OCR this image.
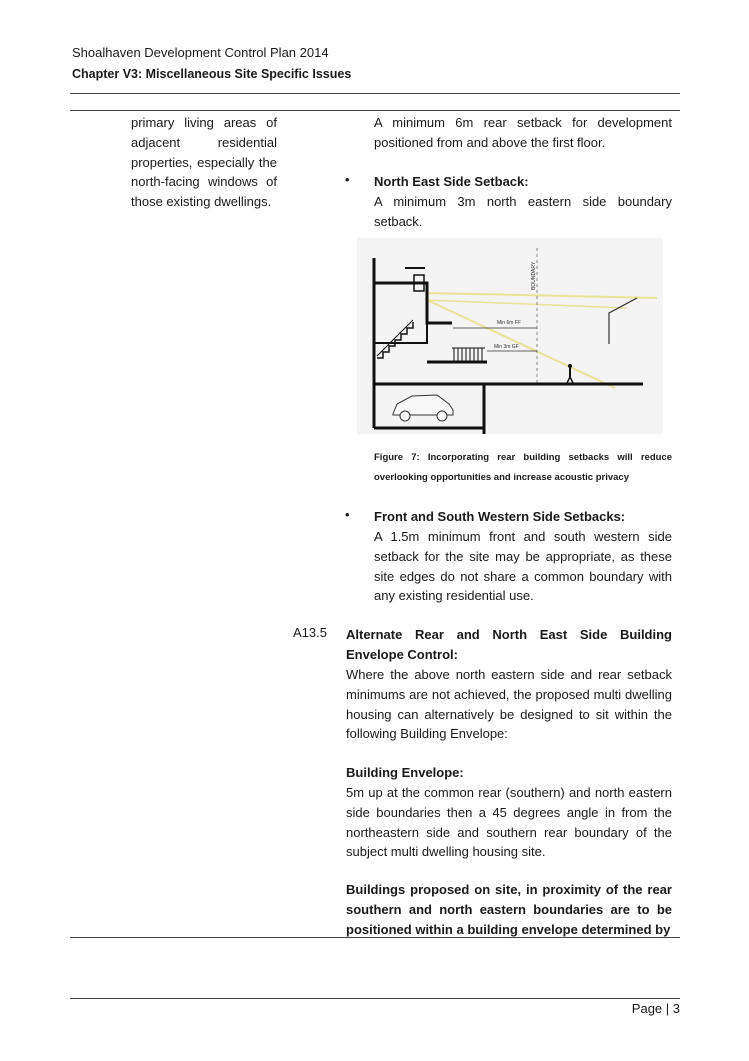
Shoalhaven Development Control Plan 2014
Chapter V3: Miscellaneous Site Specific Issues
primary living areas of adjacent residential properties, especially the north-facing windows of those existing dwellings.
A minimum 6m rear setback for development positioned from and above the first floor.
• North East Side Setback:
A minimum 3m north eastern side boundary setback.
BOUNDARY
Min 6m FF
Min 3m GF
Figure 7: Incorporating rear building setbacks will reduce overlooking opportunities and increase acoustic privacy
• Front and South Western Side Setbacks:
A 1.5m minimum front and south western side setback for the site may be appropriate, as these site edges do not share a common boundary with any existing residential use.
A13.5 Alternate Rear and North East Side Building Envelope Control:
Where the above north eastern side and rear setback minimums are not achieved, the proposed multi dwelling housing can alternatively be designed to sit within the following Building Envelope:
Building Envelope:
5m up at the common rear (southern) and north eastern side boundaries then a 45 degrees angle in from the northeastern side and southern rear boundary of the subject multi dwelling housing site.
Buildings proposed on site, in proximity of the rear southern and north eastern boundaries are to be positioned within a building envelope determined by
Page | 3
